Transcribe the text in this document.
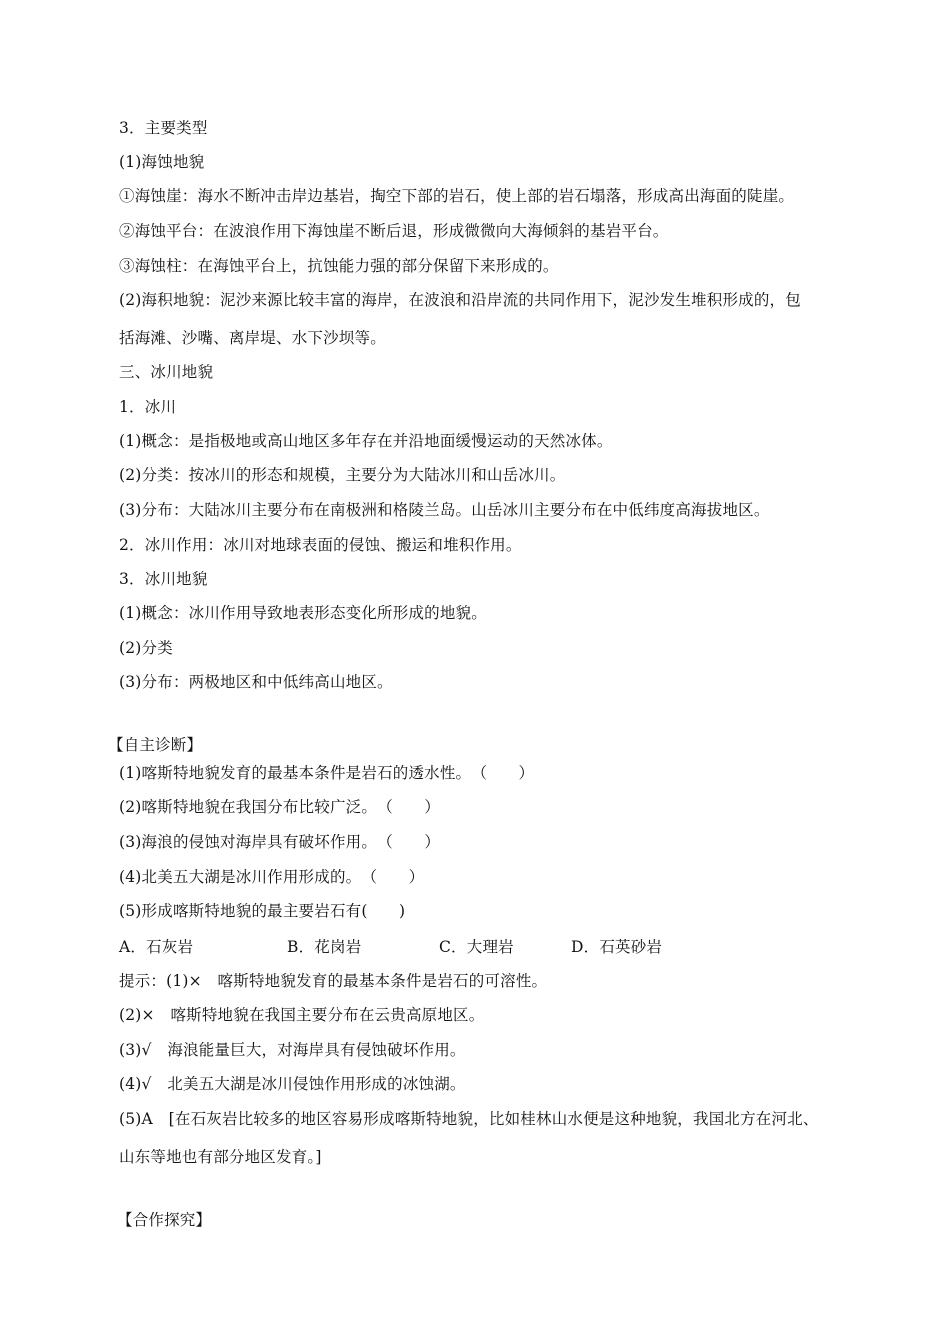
3．主要类型
(1)海蚀地貌
①海蚀崖：海水不断冲击岸边基岩，掏空下部的岩石，使上部的岩石塌落，形成高出海面的陡崖。
②海蚀平台：在波浪作用下海蚀崖不断后退，形成微微向大海倾斜的基岩平台。
③海蚀柱：在海蚀平台上，抗蚀能力强的部分保留下来形成的。
(2)海积地貌：泥沙来源比较丰富的海岸，在波浪和沿岸流的共同作用下，泥沙发生堆积形成的，包
括海滩、沙嘴、离岸堤、水下沙坝等。
三、冰川地貌
1．冰川
(1)概念：是指极地或高山地区多年存在并沿地面缓慢运动的天然冰体。
(2)分类：按冰川的形态和规模，主要分为大陆冰川和山岳冰川。
(3)分布：大陆冰川主要分布在南极洲和格陵兰岛。山岳冰川主要分布在中低纬度高海拔地区。
2．冰川作用：冰川对地球表面的侵蚀、搬运和堆积作用。
3．冰川地貌
(1)概念：冰川作用导致地表形态变化所形成的地貌。
(2)分类
(3)分布：两极地区和中低纬高山地区。
【自主诊断】
(1)喀斯特地貌发育的最基本条件是岩石的透水性。　（　　）
(2)喀斯特地貌在我国分布比较广泛。　（　　）
(3)海浪的侵蚀对海岸具有破坏作用。　（　　）
(4)北美五大湖是冰川作用形成的。　（　　）
(5)形成喀斯特地貌的最主要岩石有(　　)
A．石灰岩	B．花岗岩	C．大理岩	D．石英砂岩
提示：(1)×　喀斯特地貌发育的最基本条件是岩石的可溶性。
(2)×　喀斯特地貌在我国主要分布在云贵高原地区。
(3)√　海浪能量巨大，对海岸具有侵蚀破坏作用。
(4)√　北美五大湖是冰川侵蚀作用形成的冰蚀湖。
(5)A　[在石灰岩比较多的地区容易形成喀斯特地貌，比如桂林山水便是这种地貌，我国北方在河北、
山东等地也有部分地区发育。]
【合作探究】
